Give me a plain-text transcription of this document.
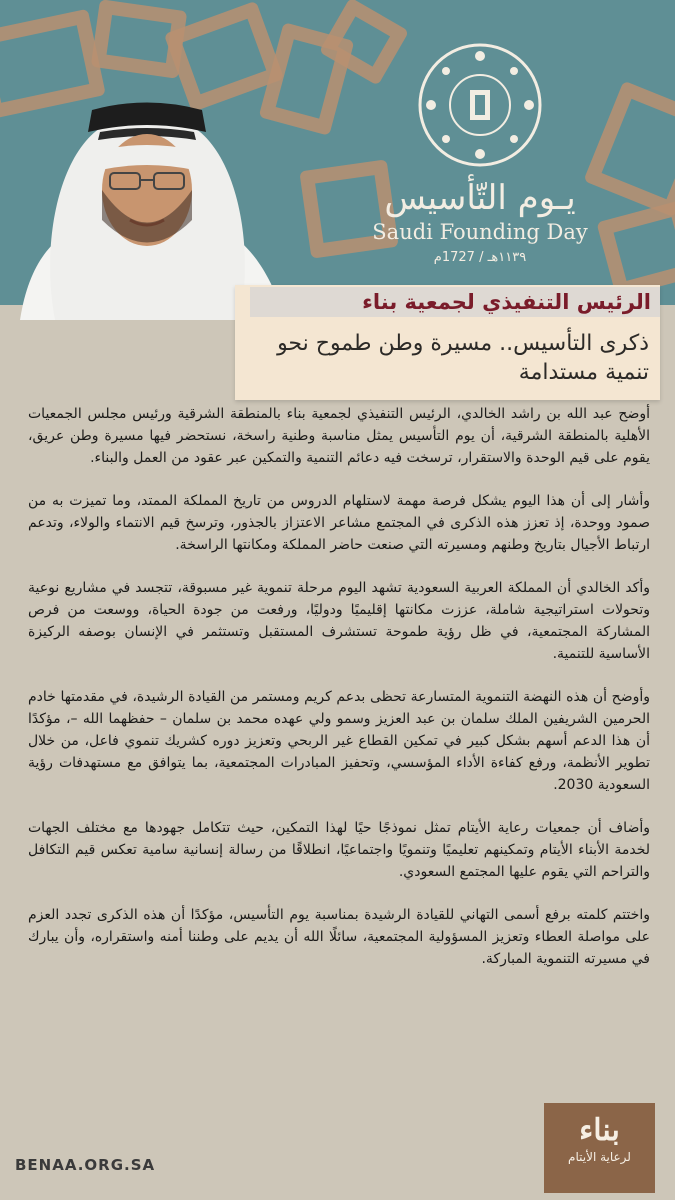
يـوم التّأسيس
Saudi Founding Day
١١٣٩هـ / 1727م
الرئيس التنفيذي لجمعية بناء
ذكرى التأسيس.. مسيرة وطن طموح نحو تنمية مستدامة

أوضح عبد الله بن راشد الخالدي، الرئيس التنفيذي لجمعية بناء بالمنطقة الشرقية ورئيس مجلس الجمعيات الأهلية بالمنطقة الشرقية، أن يوم التأسيس يمثل مناسبة وطنية راسخة، نستحضر فيها مسيرة وطن عريق، يقوم على قيم الوحدة والاستقرار، ترسخت فيه دعائم التنمية والتمكين عبر عقود من العمل والبناء.

وأشار إلى أن هذا اليوم يشكل فرصة مهمة لاستلهام الدروس من تاريخ المملكة الممتد، وما تميزت به من صمود ووحدة، إذ تعزز هذه الذكرى في المجتمع مشاعر الاعتزاز بالجذور، وترسخ قيم الانتماء والولاء، وتدعم ارتباط الأجيال بتاريخ وطنهم ومسيرته التي صنعت حاضر المملكة ومكانتها الراسخة.

وأكد الخالدي أن المملكة العربية السعودية تشهد اليوم مرحلة تنموية غير مسبوقة، تتجسد في مشاريع نوعية وتحولات استراتيجية شاملة، عززت مكانتها إقليميًا ودوليًا، ورفعت من جودة الحياة، ووسعت من فرص المشاركة المجتمعية، في ظل رؤية طموحة تستشرف المستقبل وتستثمر في الإنسان بوصفه الركيزة الأساسية للتنمية.

وأوضح أن هذه النهضة التنموية المتسارعة تحظى بدعم كريم ومستمر من القيادة الرشيدة، في مقدمتها خادم الحرمين الشريفين الملك سلمان بن عبد العزيز وسمو ولي عهده محمد بن سلمان – حفظهما الله –، مؤكدًا أن هذا الدعم أسهم بشكل كبير في تمكين القطاع غير الربحي وتعزيز دوره كشريك تنموي فاعل، من خلال تطوير الأنظمة، ورفع كفاءة الأداء المؤسسي، وتحفيز المبادرات المجتمعية، بما يتوافق مع مستهدفات رؤية السعودية 2030.

وأضاف أن جمعيات رعاية الأيتام تمثل نموذجًا حيًا لهذا التمكين، حيث تتكامل جهودها مع مختلف الجهات لخدمة الأبناء الأيتام وتمكينهم تعليميًا وتنمويًا واجتماعيًا، انطلاقًا من رسالة إنسانية سامية تعكس قيم التكافل والتراحم التي يقوم عليها المجتمع السعودي.

واختتم كلمته برفع أسمى التهاني للقيادة الرشيدة بمناسبة يوم التأسيس، مؤكدًا أن هذه الذكرى تجدد العزم على مواصلة العطاء وتعزيز المسؤولية المجتمعية، سائلًا الله أن يديم على وطننا أمنه واستقراره، وأن يبارك في مسيرته التنموية المباركة.

BENAA.ORG.SA
بناء
لرعاية الأيتام
